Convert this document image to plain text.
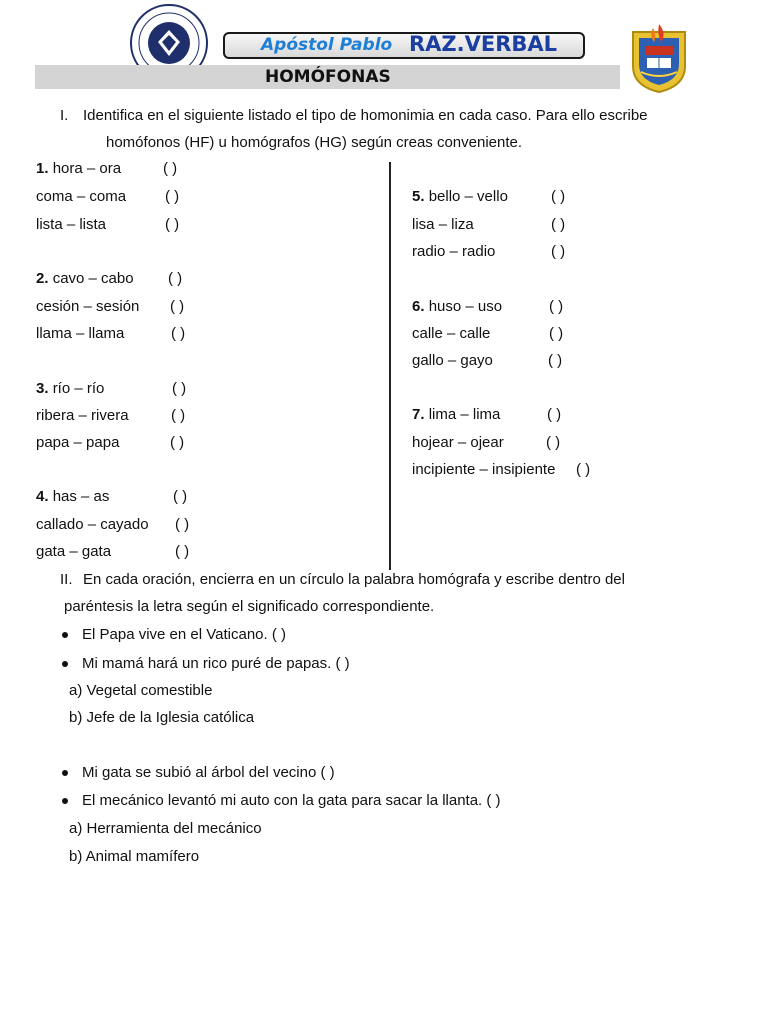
Apóstol Pablo RAZ.VERBAL
HOMÓFONAS
I. Identifica en el siguiente listado el tipo de homonimia en cada caso. Para ello escribe
homófonos (HF) u homógrafos (HG) según creas conveniente.
1. hora – ora	( )
coma – coma	( )
lista – lista	( )
2. cavo – cabo ( )
cesión – sesión ( )
llama – llama	( )
3. río – río	( )
ribera – rivera	( )
papa – papa	( )
4. has – as	( )
callado – cayado ( )
gata – gata	( )
5. bello – vello	( )
lisa – liza	( )
radio – radio	( )
6. huso – uso	( )
calle – calle	( )
gallo – gayo	( )
7. lima – lima	( )
hojear – ojear	( )
incipiente – insipiente ( )
II. En cada oración, encierra en un círculo la palabra homógrafa y escribe dentro del
paréntesis la letra según el significado correspondiente.
El Papa vive en el Vaticano. ( )
Mi mamá hará un rico puré de papas. ( )
a) Vegetal comestible
b) Jefe de la Iglesia católica
Mi gata se subió al árbol del vecino ( )
El mecánico levantó mi auto con la gata para sacar la llanta. ( )
a) Herramienta del mecánico
b) Animal mamífero
